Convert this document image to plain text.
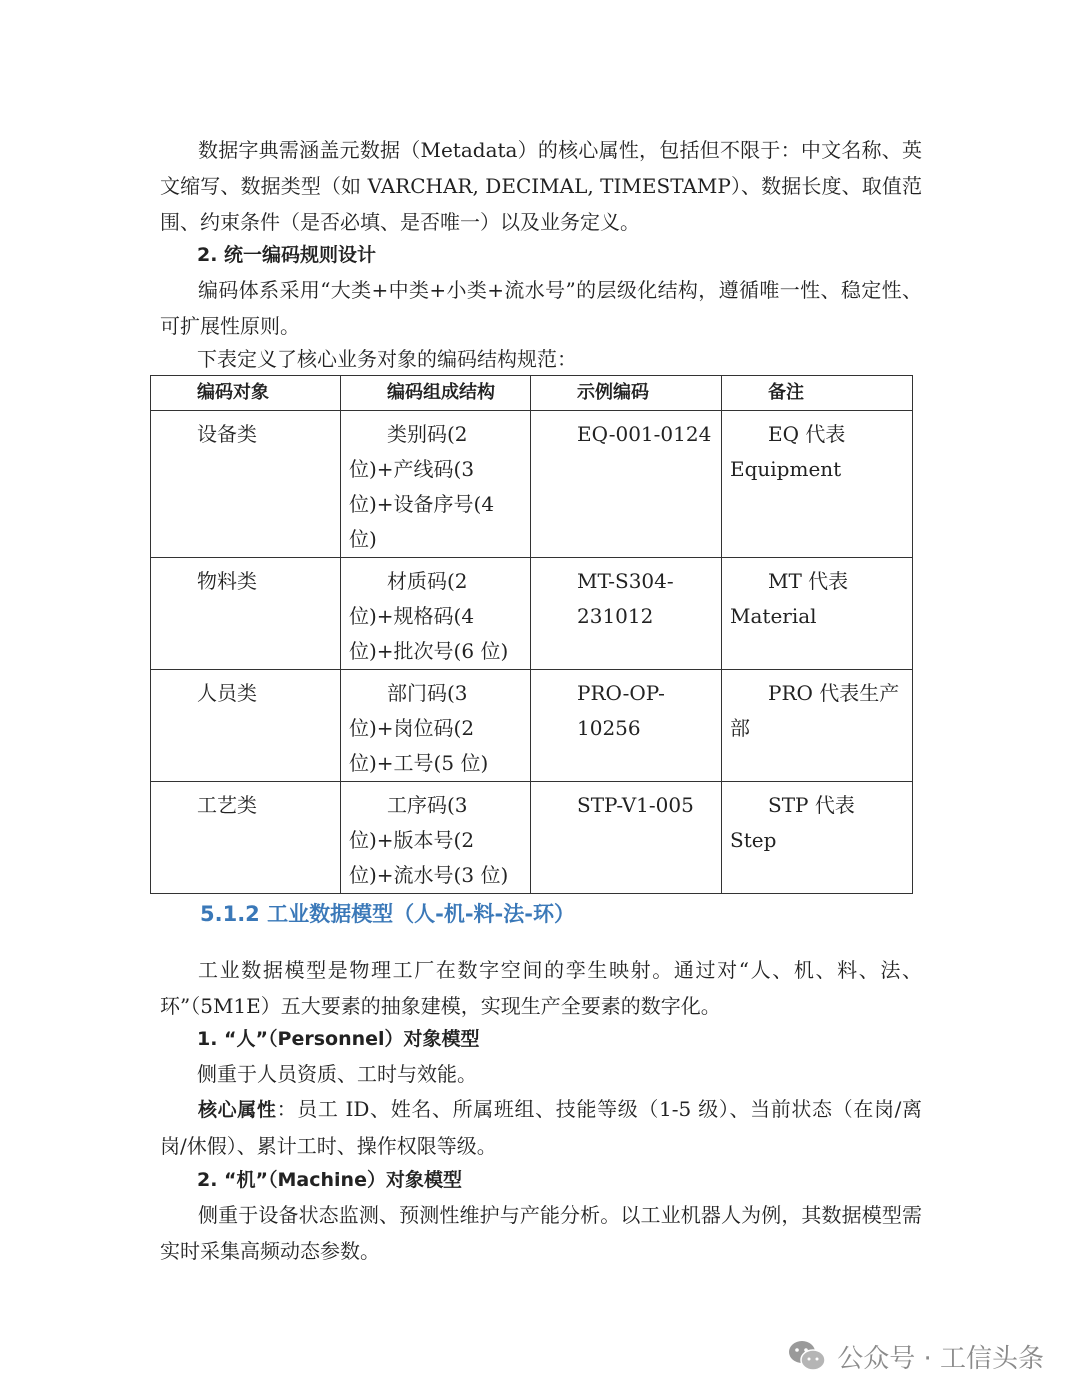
数据字典需涵盖元数据（Metadata）的核心属性，包括但不限于：中文名称、英文缩写、数据类型（如 VARCHAR, DECIMAL, TIMESTAMP）、数据长度、取值范围、约束条件（是否必填、是否唯一）以及业务定义。

2. 统一编码规则设计

编码体系采用“大类+中类+小类+流水号”的层级化结构，遵循唯一性、稳定性、可扩展性原则。

下表定义了核心业务对象的编码结构规范：

编码对象	编码组成结构	示例编码	备注
设备类	类别码(2 位)+产线码(3 位)+设备序号(4 位)	EQ-001-0124	EQ 代表 Equipment
物料类	材质码(2 位)+规格码(4 位)+批次号(6 位)	MT-S304-231012	MT 代表 Material
人员类	部门码(3 位)+岗位码(2 位)+工号(5 位)	PRO-OP-10256	PRO 代表生产部
工艺类	工序码(3 位)+版本号(2 位)+流水号(3 位)	STP-V1-005	STP 代表 Step
5.1.2 工业数据模型（人-机-料-法-环）

工业数据模型是物理工厂在数字空间的孪生映射。通过对“人、机、料、法、环”（5M1E）五大要素的抽象建模，实现生产全要素的数字化。

1. “人”（Personnel）对象模型

侧重于人员资质、工时与效能。

核心属性：员工 ID、姓名、所属班组、技能等级（1-5 级）、当前状态（在岗/离岗/休假）、累计工时、操作权限等级。

2. “机”（Machine）对象模型

侧重于设备状态监测、预测性维护与产能分析。以工业机器人为例，其数据模型需实时采集高频动态参数。

公众号 · 工信头条
